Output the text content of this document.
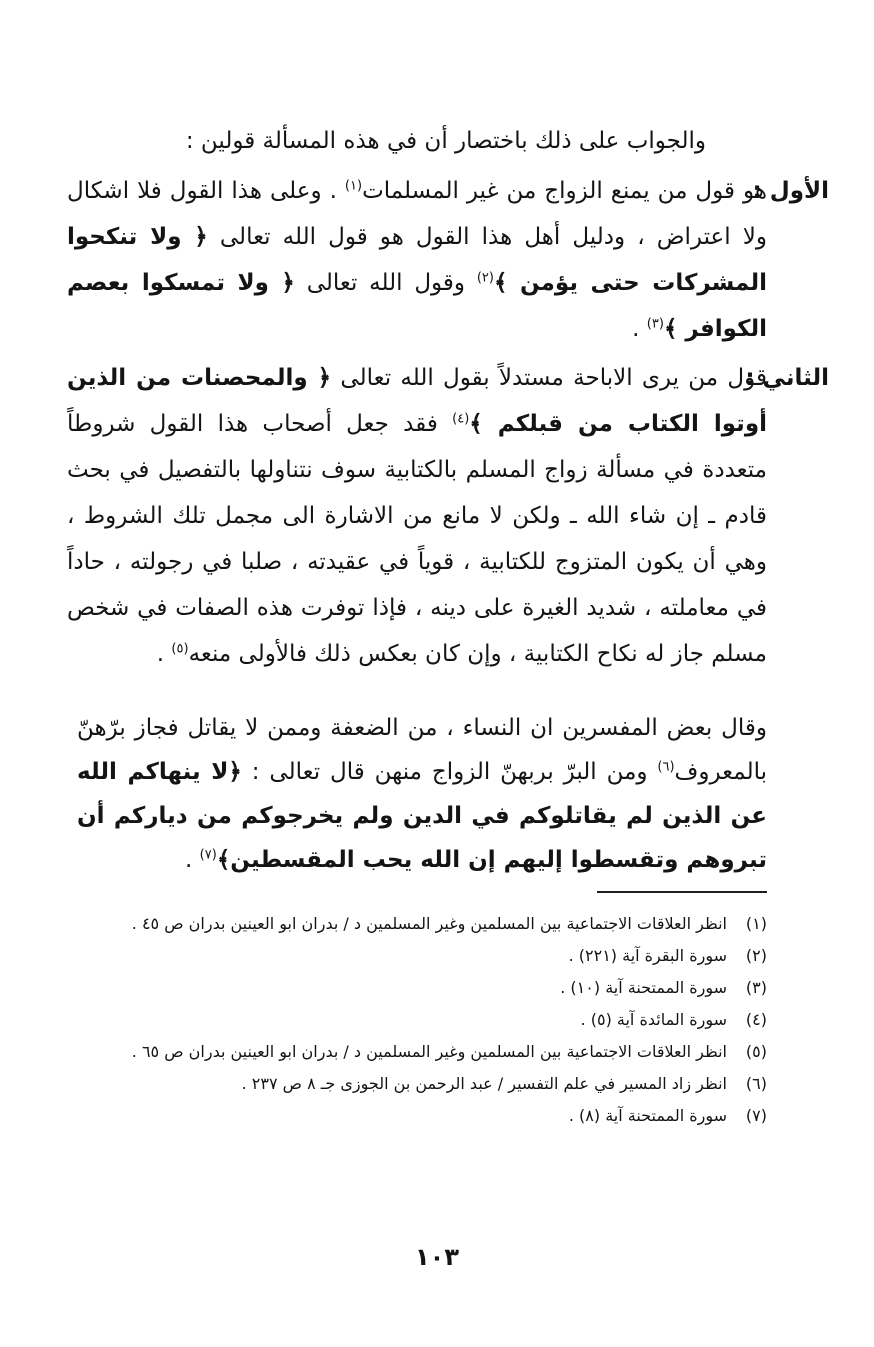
والجواب على ذلك باختصار أن في هذه المسألة قولين :

الأول :
هو قول من يمنع الزواج من غير المسلمات$^{(١)}$ . وعلى هذا القول فلا اشكال ولا اعتراض ، ودليل أهل هذا القول هو قول الله تعالى ﴿ ولا تنكحوا المشركات حتى يؤمن ﴾$^{(٢)}$ وقول الله تعالى ﴿ ولا تمسكوا بعصم الكوافر ﴾$^{(٣)}$ .
الثاني :
قول من يرى الاباحة مستدلاً بقول الله تعالى ﴿ والمحصنات من الذين أوتوا الكتاب من قبلكم ﴾$^{(٤)}$ فقد جعل أصحاب هذا القول شروطاً متعددة في مسألة زواج المسلم بالكتابية سوف نتناولها بالتفصيل في بحث قادم ـ إن شاء الله ـ ولكن لا مانع من الاشارة الى مجمل تلك الشروط ، وهي أن يكون المتزوج للكتابية ، قوياً في عقيدته ، صلبا في رجولته ، حاداً في معاملته ، شديد الغيرة على دينه ، فإذا توفرت هذه الصفات في شخص مسلم جاز له نكاح الكتابية ، وإن كان بعكس ذلك فالأولى منعه$^{(٥)}$ .
وقال بعض المفسرين ان النساء ، من الضعفة وممن لا يقاتل فجاز برّهنّ بالمعروف$^{(٦)}$ ومن البرّ بربهنّ الزواج منهن قال تعالى : ﴿لا ينهاكم الله عن الذين لم يقاتلوكم في الدين ولم يخرجوكم من دياركم أن تبروهم وتقسطوا إليهم إن الله يحب المقسطين﴾$^{(٧)}$ .
(١)
انظر العلاقات الاجتماعية بين المسلمين وغير المسلمين د / بدران ابو العينين بدران ص ٤٥ .
(٢)
سورة البقرة آية (٢٢١) .
(٣)
سورة الممتحنة آية (١٠) .
(٤)
سورة المائدة آية (٥) .
(٥)
انظر العلاقات الاجتماعية بين المسلمين وغير المسلمين د / بدران ابو العينين بدران ص ٦٥ .
(٦)
انظر زاد المسير في علم التفسير / عبد الرحمن بن الجوزى جـ ٨ ص ٢٣٧ .
(٧)
سورة الممتحنة آية (٨) .
١٠٣
